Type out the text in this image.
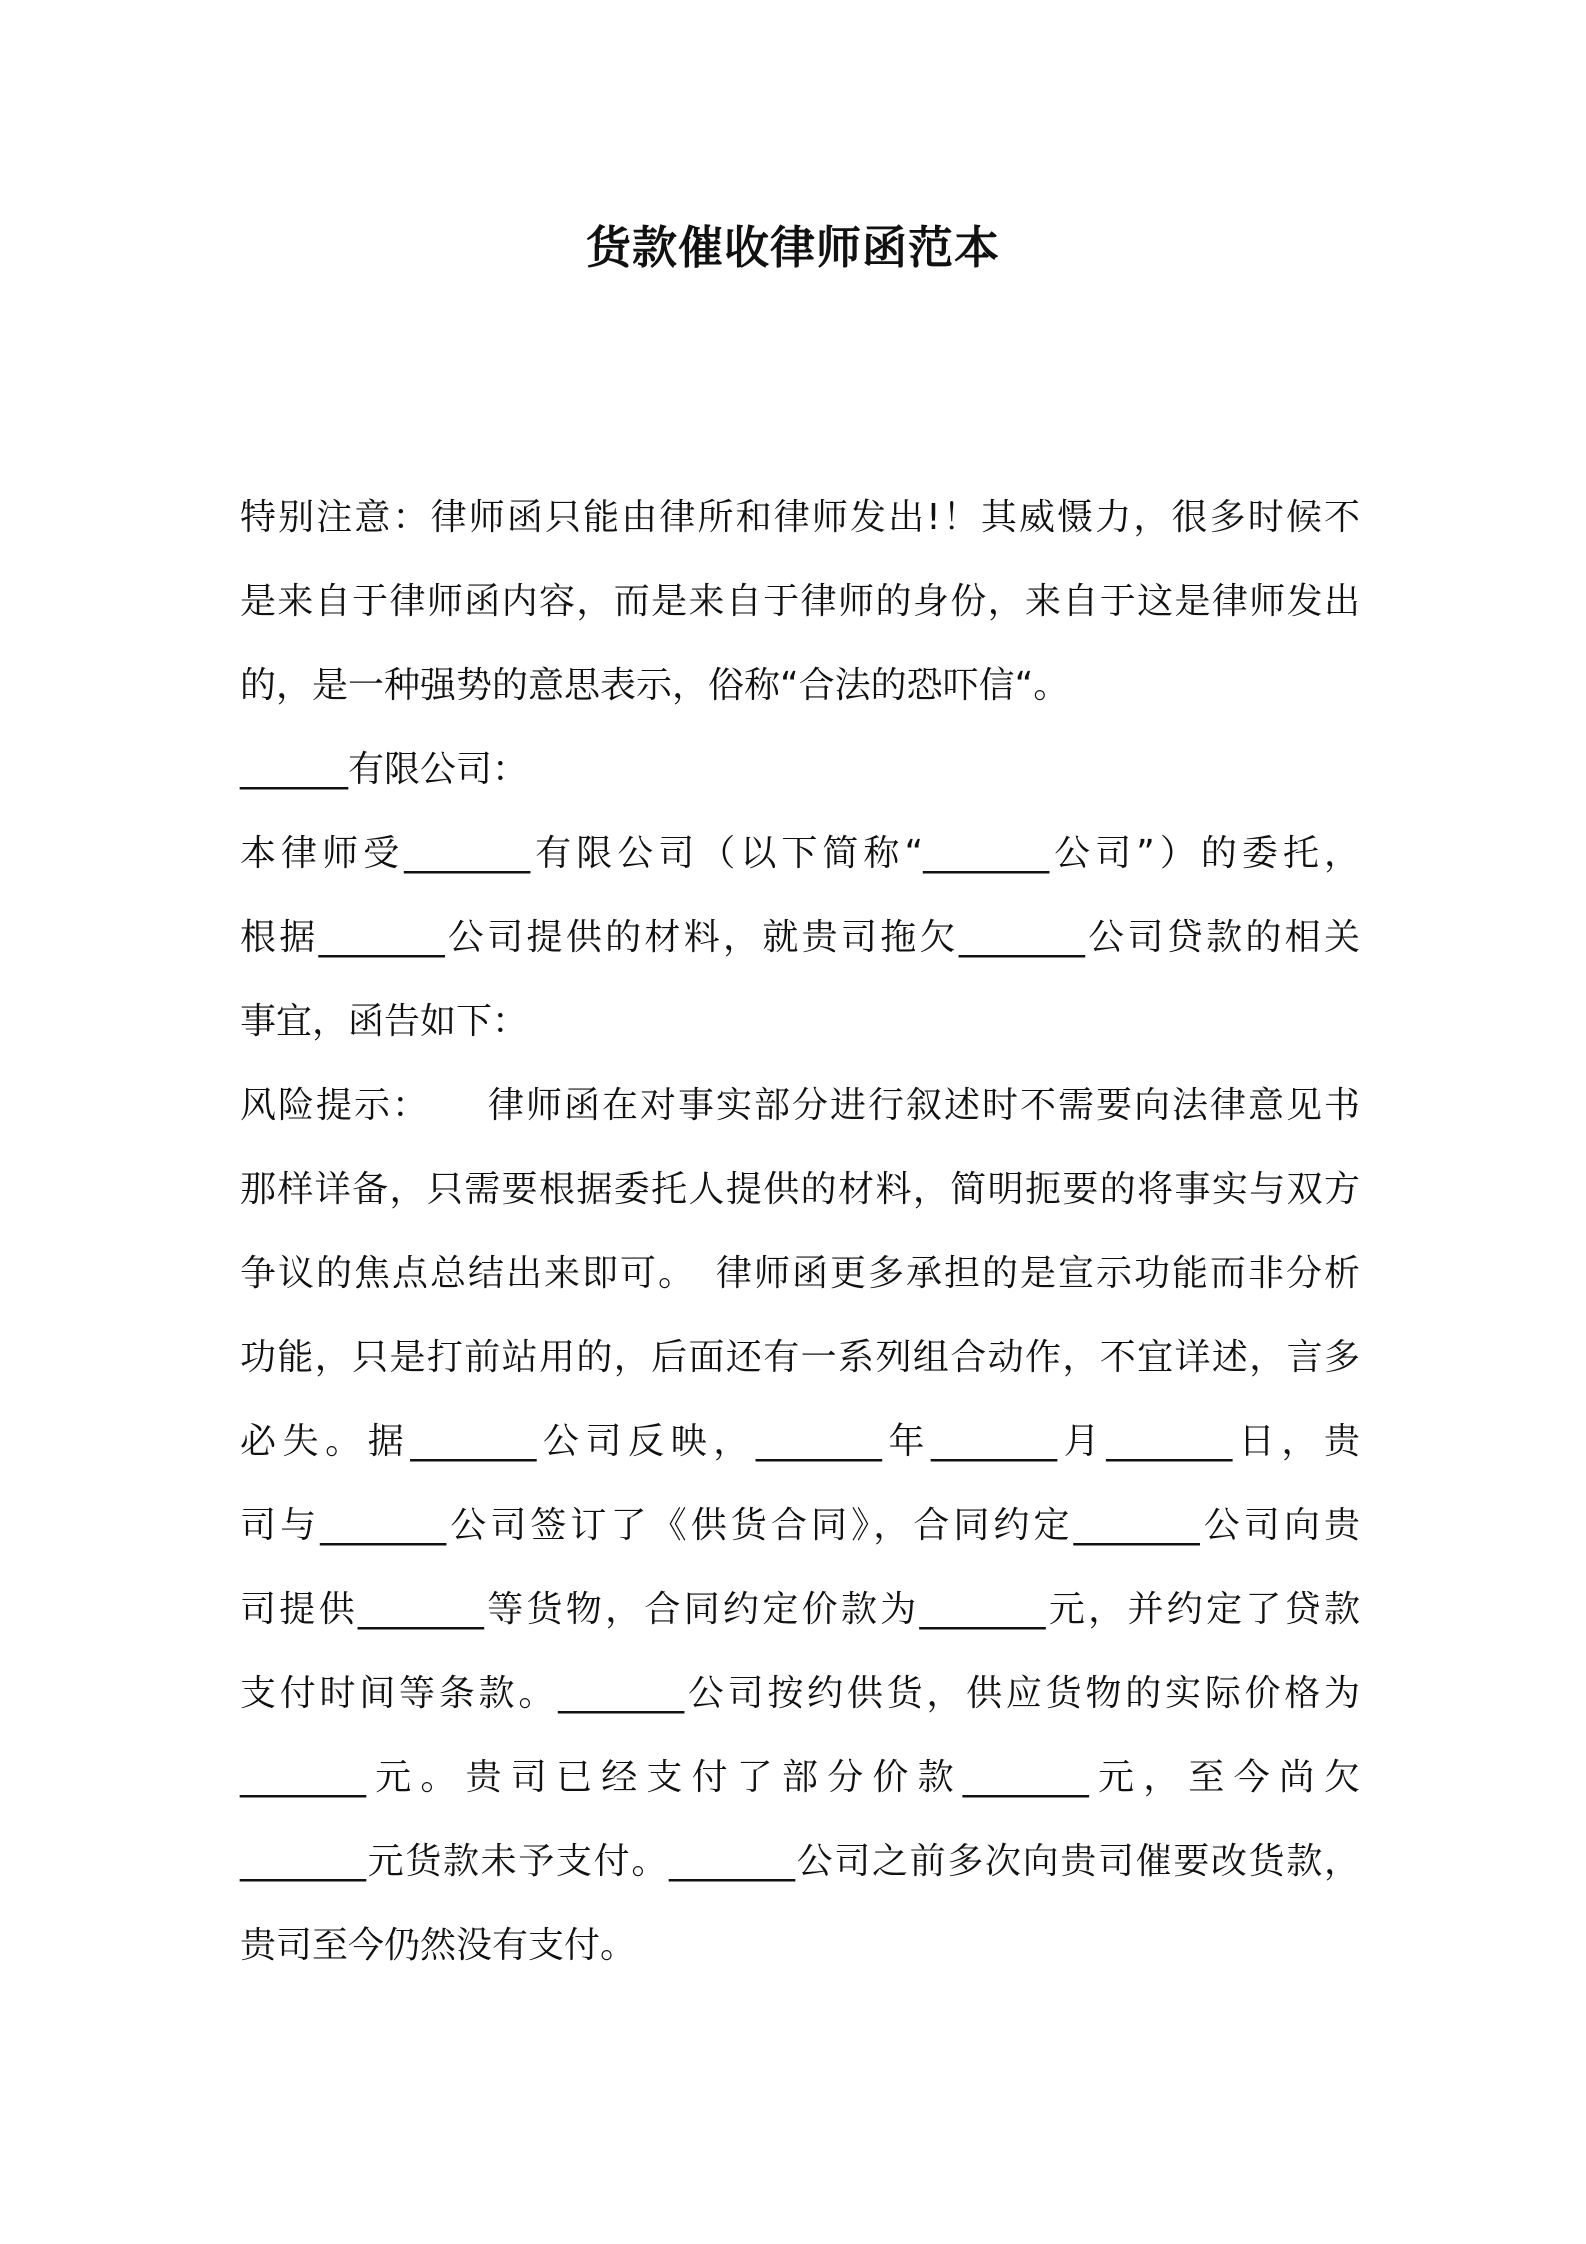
货款催收律师函范本
特别注意：律师函只能由律所和律师发出!！其威慑力，很多时候不
是来自于律师函内容，而是来自于律师的身份，来自于这是律师发出
的，是一种强势的意思表示，俗称“合法的恐吓信“。
______有限公司：
本律师受_______有限公司（以下简称“_______公司”）的委托，
根据_______公司提供的材料，就贵司拖欠_______公司贷款的相关
事宜，函告如下：
风险提示：　　律师函在对事实部分进行叙述时不需要向法律意见书
那样详备，只需要根据委托人提供的材料，简明扼要的将事实与双方
争议的焦点总结出来即可。　律师函更多承担的是宣示功能而非分析
功能，只是打前站用的，后面还有一系列组合动作，不宜详述，言多
必失。据_______公司反映，_______年_______月_______日，贵
司与_______公司签订了《供货合同》，合同约定_______公司向贵
司提供_______等货物，合同约定价款为_______元，并约定了贷款
支付时间等条款。_______公司按约供货，供应货物的实际价格为
_______元。贵司已经支付了部分价款_______元，至今尚欠
_______元货款未予支付。_______公司之前多次向贵司催要改货款，
贵司至今仍然没有支付。
